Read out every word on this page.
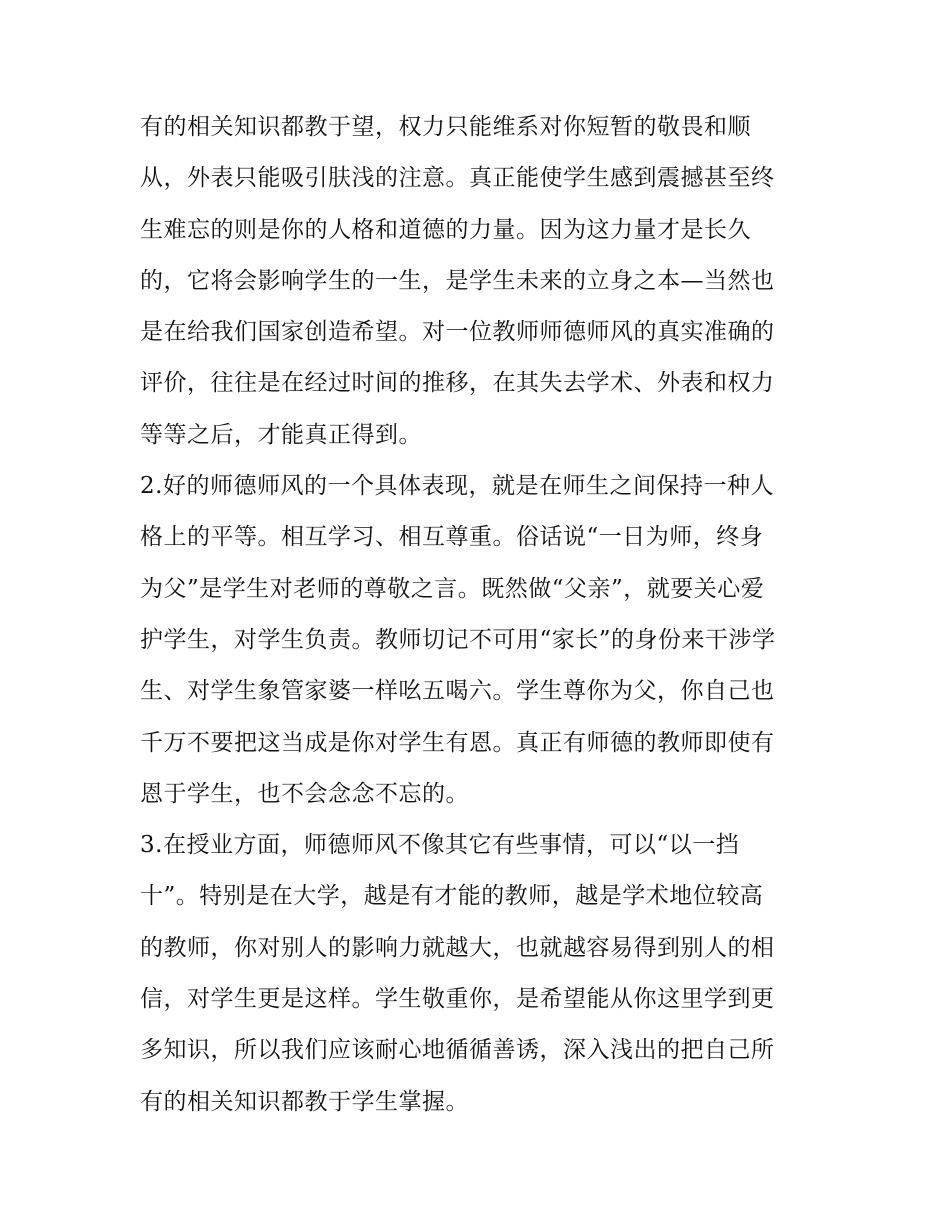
有的相关知识都教于望，权力只能维系对你短暂的敬畏和顺
从，外表只能吸引肤浅的注意。真正能使学生感到震撼甚至终
生难忘的则是你的人格和道德的力量。因为这力量才是长久
的，它将会影响学生的一生，是学生未来的立身之本—当然也
是在给我们国家创造希望。对一位教师师德师风的真实准确的
评价，往往是在经过时间的推移，在其失去学术、外表和权力
等等之后，才能真正得到。
2.好的师德师风的一个具体表现，就是在师生之间保持一种人
格上的平等。相互学习、相互尊重。俗话说“一日为师，终身
为父”是学生对老师的尊敬之言。既然做“父亲”，就要关心爱
护学生，对学生负责。教师切记不可用“家长”的身份来干涉学
生、对学生象管家婆一样吆五喝六。学生尊你为父，你自己也
千万不要把这当成是你对学生有恩。真正有师德的教师即使有
恩于学生，也不会念念不忘的。
3.在授业方面，师德师风不像其它有些事情，可以“以一挡
十”。特别是在大学，越是有才能的教师，越是学术地位较高
的教师，你对别人的影响力就越大，也就越容易得到别人的相
信，对学生更是这样。学生敬重你，是希望能从你这里学到更
多知识，所以我们应该耐心地循循善诱，深入浅出的把自己所
有的相关知识都教于学生掌握。
